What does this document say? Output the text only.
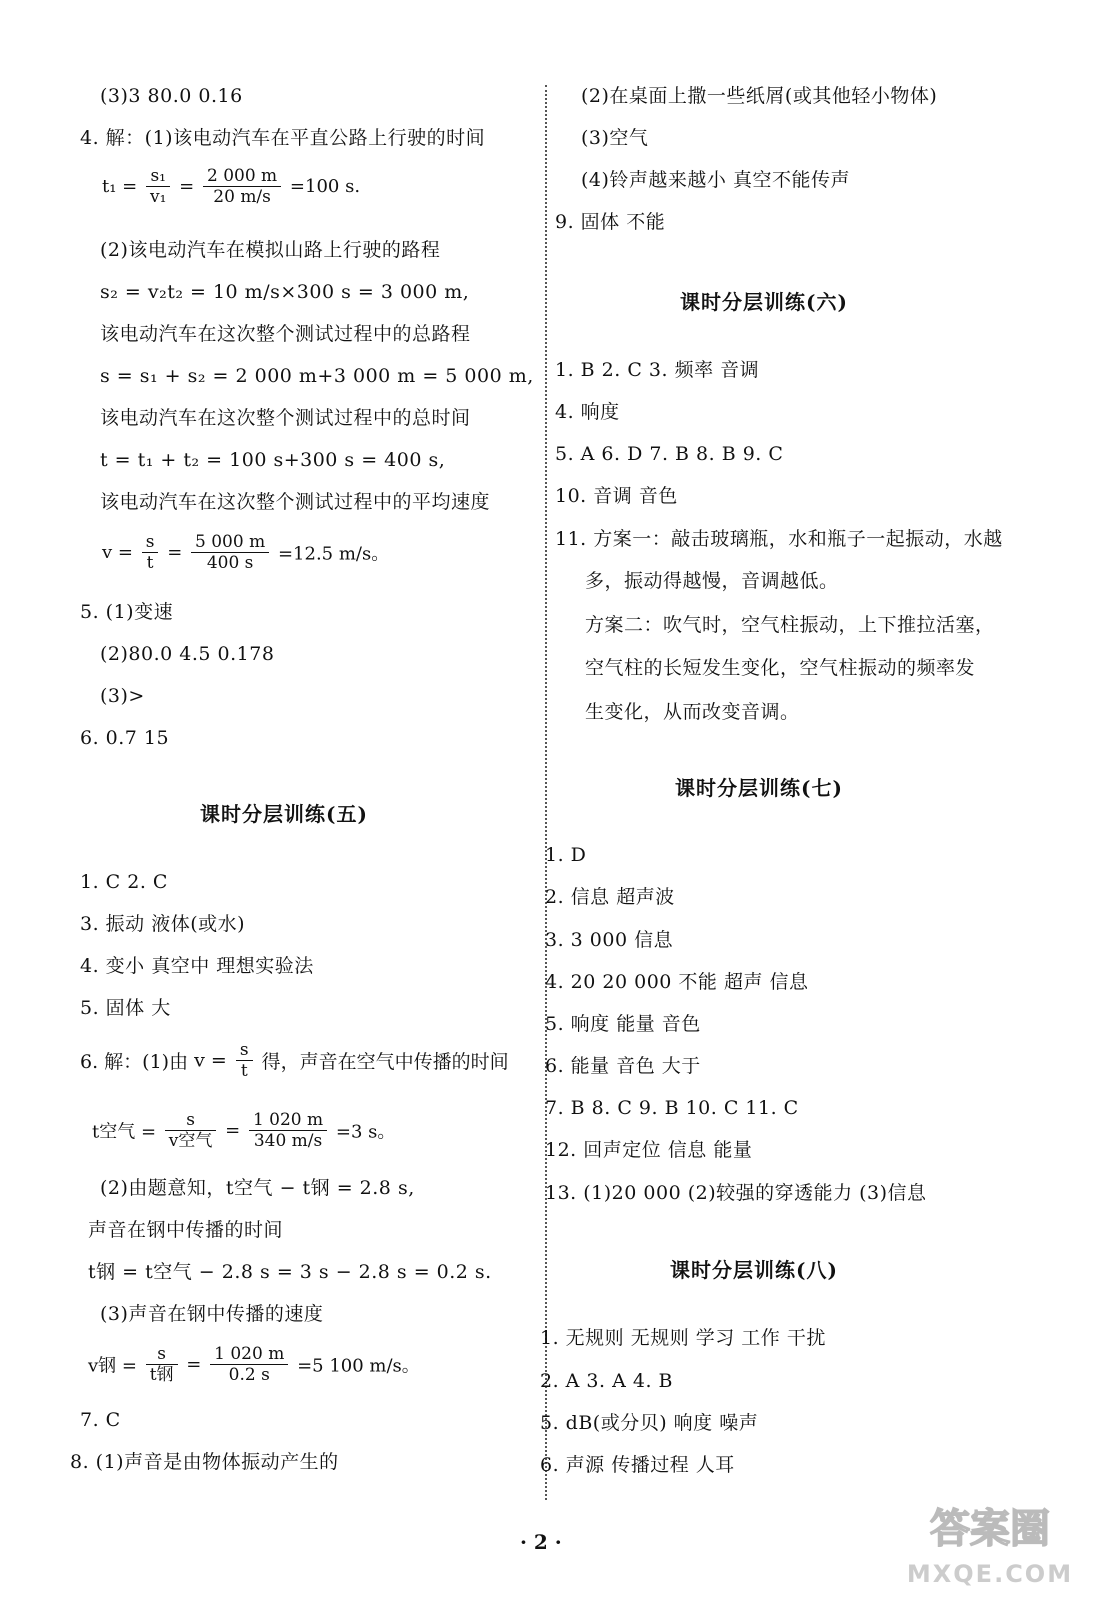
(3)3 80.0 0.16
4. 解：(1)该电动汽车在平直公路上行驶的时间
$t_1 = \frac{\text{s₁}}{\text{v₁}} = \frac{2 000 m}{20 m/s} =100$ s.
(2)该电动汽车在模拟山路上行驶的路程
s₂ = v₂t₂ = 10 m/s×300 s = 3 000 m,
该电动汽车在这次整个测试过程中的总路程
s = s₁ + s₂ = 2 000 m+3 000 m = 5 000 m,
该电动汽车在这次整个测试过程中的总时间
t = t₁ + t₂ = 100 s+300 s = 400 s,
该电动汽车在这次整个测试过程中的平均速度
$v = \frac{s}{t} = \frac{5 000 m}{400 s} =12.5$ m/s。
5. (1)变速
(2)80.0 4.5 0.178
(3)>
6. 0.7 15
课时分层训练(五)
1. C 2. C
3. 振动 液体(或水)
4. 变小 真空中 理想实验法
5. 固体 大
6. 解：(1)由 $v = \frac{s}{t}$ 得，声音在空气中传播的时间
t空气 = $\frac{s}{\text{v空气}} = \frac{1 020 m}{340 m/s} =3$ s。
(2)由题意知，t空气 − t钢 = 2.8 s,
声音在钢中传播的时间
t钢 = t空气 − 2.8 s = 3 s − 2.8 s = 0.2 s.
(3)声音在钢中传播的速度
v钢 = $\frac{s}{\text{t钢}} = \frac{1 020 m}{0.2 s} =5$ 100 m/s。
7. C
8. (1)声音是由物体振动产生的
(2)在桌面上撒一些纸屑(或其他轻小物体)
(3)空气
(4)铃声越来越小 真空不能传声
9. 固体 不能
课时分层训练(六)
1. B 2. C 3. 频率 音调
4. 响度
5. A 6. D 7. B 8. B 9. C
10. 音调 音色
11. 方案一：敲击玻璃瓶，水和瓶子一起振动，水越
多，振动得越慢，音调越低。
方案二：吹气时，空气柱振动，上下推拉活塞，
空气柱的长短发生变化，空气柱振动的频率发
生变化，从而改变音调。
课时分层训练(七)
1. D
2. 信息 超声波
3. 3 000 信息
4. 20 20 000 不能 超声 信息
5. 响度 能量 音色
6. 能量 音色 大于
7. B 8. C 9. B 10. C 11. C
12. 回声定位 信息 能量
13. (1)20 000 (2)较强的穿透能力 (3)信息
课时分层训练(八)
1. 无规则 无规则 学习 工作 干扰
2. A 3. A 4. B
5. dB(或分贝) 响度 噪声
6. 声源 传播过程 人耳
· 2 ·	答案圈
MXQE.COM
